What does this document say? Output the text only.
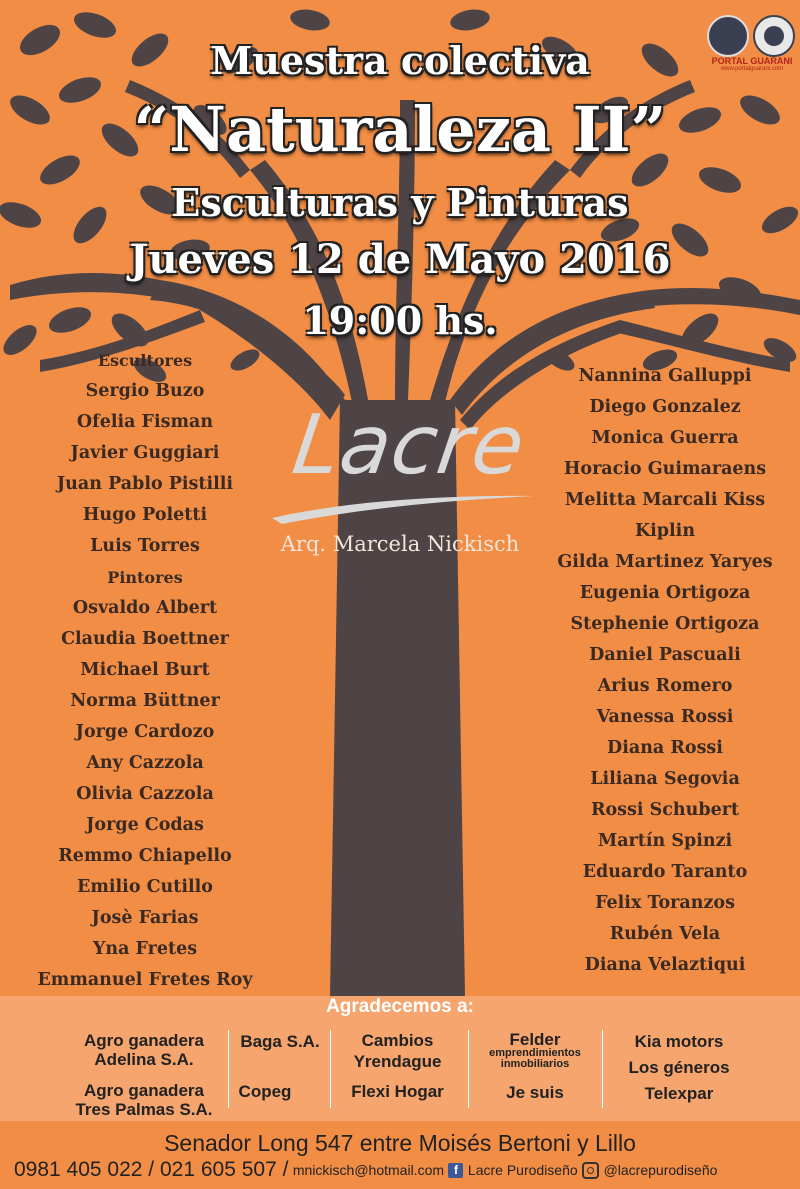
PORTAL GUARANI
www.portalguarani.com
Muestra colectiva
“Naturaleza II”
Esculturas y Pinturas
Jueves 12 de Mayo 2016
19:00 hs.
Escultores
Sergio Buzo
Ofelia Fisman
Javier Guggiari
Juan Pablo Pistilli
Hugo Poletti
Luis Torres
Pintores
Osvaldo Albert
Claudia Boettner
Michael Burt
Norma Büttner
Jorge Cardozo
Any Cazzola
Olivia Cazzola
Jorge Codas
Remmo Chiapello
Emilio Cutillo
Josè Farias
Yna Fretes
Emmanuel Fretes Roy
Nannina Galluppi
Diego Gonzalez
Monica Guerra
Horacio Guimaraens
Melitta Marcali Kiss
Kiplin
Gilda Martinez Yaryes
Eugenia Ortigoza
Stephenie Ortigoza
Daniel Pascuali
Arius Romero
Vanessa Rossi
Diana Rossi
Liliana Segovia
Rossi Schubert
Martín Spinzi
Eduardo Taranto
Felix Toranzos
Rubén Vela
Diana Velaztiqui
Lacre
Arq. Marcela Nickisch
Agradecemos a:
Agro ganadera
Adelina S.A.
Agro ganadera
Tres Palmas S.A.
Baga S.A.
Copeg
Cambios
Yrendague
Flexi Hogar
Felder
emprendimientos
inmobiliarios
Je suis
Kia motors
Los géneros
Telexpar
Senador Long 547 entre Moisés Bertoni y Lillo
0981 405 022 / 021 605 507 / mnickisch@hotmail.com f Lacre Purodiseño @lacrepurodiseño
